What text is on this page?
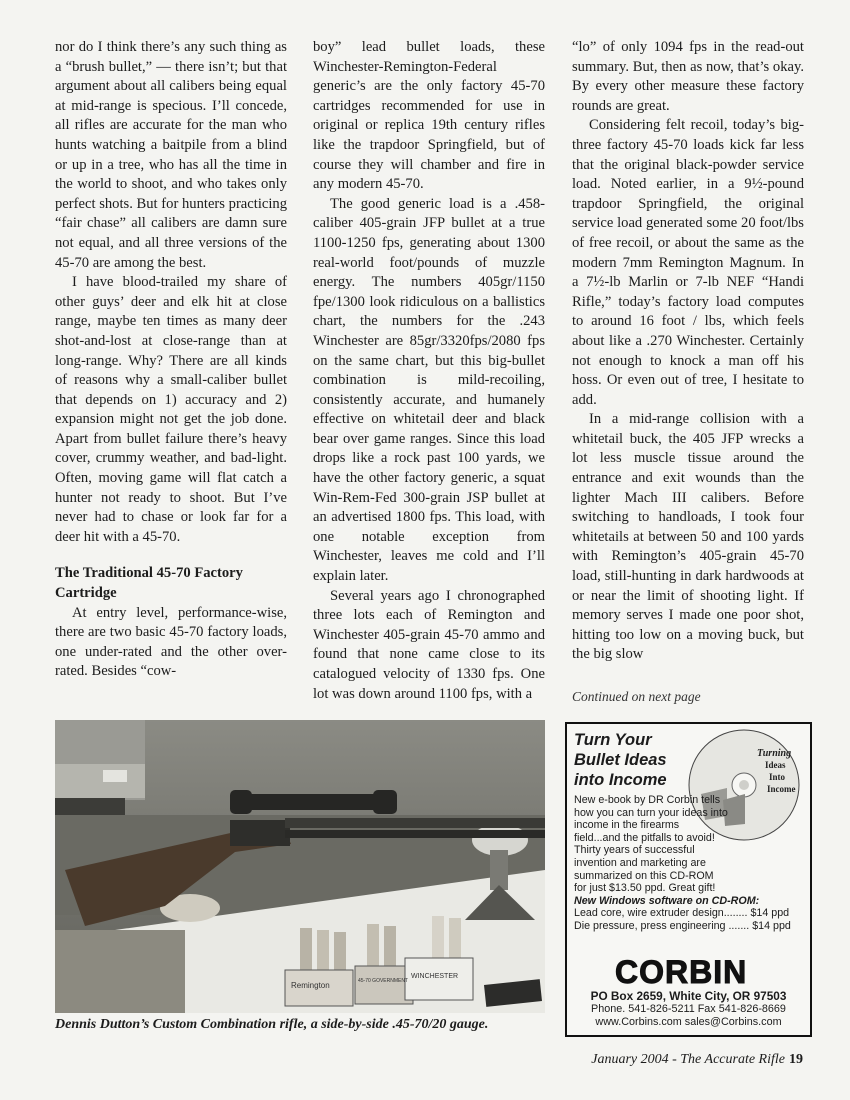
nor do I think there’s any such thing as a “brush bullet,” — there isn’t; but that argument about all calibers being equal at mid-range is specious. I’ll concede, all rifles are accurate for the man who hunts watching a baitpile from a blind or up in a tree, who has all the time in the world to shoot, and who takes only perfect shots. But for hunters practicing “fair chase” all calibers are damn sure not equal, and all three versions of the 45-70 are among the best.

I have blood-trailed my share of other guys’ deer and elk hit at close range, maybe ten times as many deer shot-and-lost at close-range than at long-range. Why? There are all kinds of reasons why a small-caliber bullet that depends on 1) accuracy and 2) expansion might not get the job done. Apart from bullet failure there’s heavy cover, crummy weather, and bad-light. Often, moving game will flat catch a hunter not ready to shoot. But I’ve never had to chase or look far for a deer hit with a 45-70.

The Traditional 45-70 Factory Cartridge

At entry level, performance-wise, there are two basic 45-70 factory loads, one under-rated and the other over-rated. Besides “cow-

boy” lead bullet loads, these Winchester-Remington-Federal generic’s are the only factory 45-70 cartridges recommended for use in original or replica 19th century rifles like the trapdoor Springfield, but of course they will chamber and fire in any modern 45-70.

The good generic load is a .458-caliber 405-grain JFP bullet at a true 1100-1250 fps, generating about 1300 real-world foot/pounds of muzzle energy. The numbers 405gr/1150 fpe/1300 look ridiculous on a ballistics chart, the numbers for the .243 Winchester are 85gr/3320fps/2080 fps on the same chart, but this big-bullet combination is mild-recoiling, consistently accurate, and humanely effective on whitetail deer and black bear over game ranges. Since this load drops like a rock past 100 yards, we have the other factory generic, a squat Win-Rem-Fed 300-grain JSP bullet at an advertised 1800 fps. This load, with one notable exception from Winchester, leaves me cold and I’ll explain later.

Several years ago I chronographed three lots each of Remington and Winchester 405-grain 45-70 ammo and found that none came close to its catalogued velocity of 1330 fps. One lot was down around 1100 fps, with a

“lo” of only 1094 fps in the read-out summary. But, then as now, that’s okay. By every other measure these factory rounds are great.

Considering felt recoil, today’s big-three factory 45-70 loads kick far less that the original black-powder service load. Noted earlier, in a 9½-pound trapdoor Springfield, the original service load generated some 20 foot/lbs of free recoil, or about the same as the modern 7mm Remington Magnum. In a 7½-lb Marlin or 7-lb NEF “Handi Rifle,” today’s factory load computes to around 16 foot / lbs, which feels about like a .270 Winchester. Certainly not enough to knock a man off his hoss. Or even out of tree, I hesitate to add.

In a mid-range collision with a whitetail buck, the 405 JFP wrecks a lot less muscle tissue around the entrance and exit wounds than the lighter Mach III calibers. Before switching to handloads, I took four whitetails at between 50 and 100 yards with Remington’s 405-grain 45-70 load, still-hunting in dark hardwoods at or near the limit of shooting light. If memory serves I made one poor shot, hitting too low on a moving buck, but the big slow

Continued on next page
Remington	45-70 GOVERNMENT
WINCHESTER
Dennis Dutton’s Custom Combination rifle, a side-by-side .45-70/20 gauge.
Turn Your
Bullet Ideas
into Income
Turning
Ideas
Into
Income
New e-book by DR Corbin tells how you can turn your ideas into income in the firearms field...and the pitfalls to avoid! Thirty years of successful invention and marketing are summarized on this CD-ROM for just $13.50 ppd. Great gift!
New Windows software on CD-ROM:
Lead core, wire extruder design........ $14 ppd
Die pressure, press engineering ....... $14 ppd
CORBIN
PO Box 2659, White City, OR 97503
Phone. 541-826-5211 Fax 541-826-8669
www.Corbins.com sales@Corbins.com
January 2004 - The Accurate Rifle 19
